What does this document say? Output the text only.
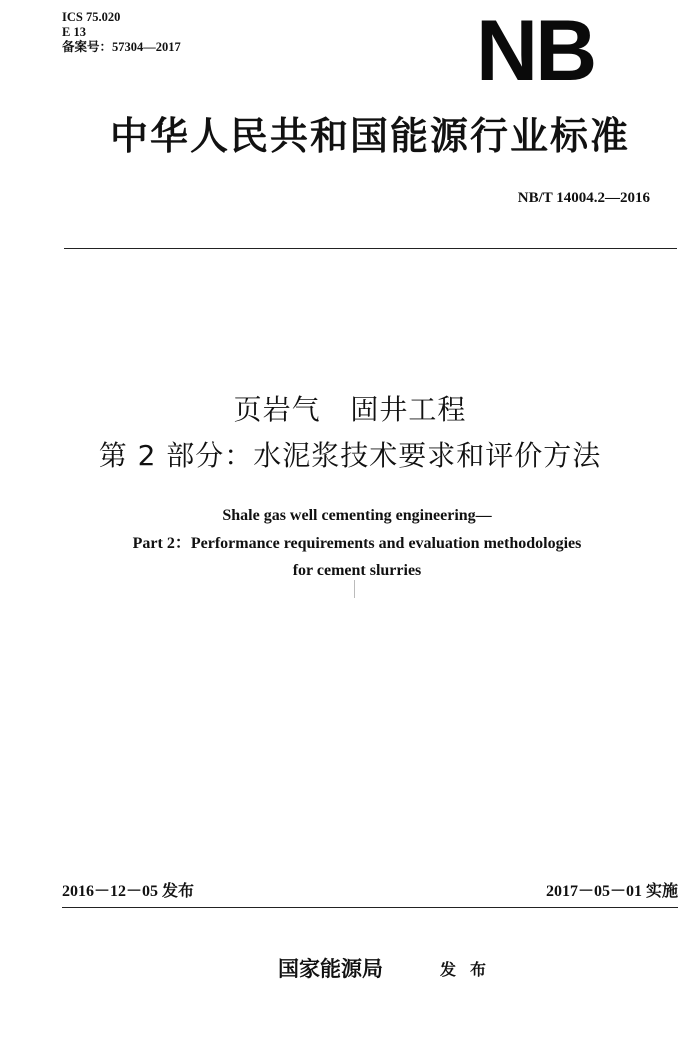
ICS 75.020
E 13
备案号：57304—2017	NB
中华人民共和国能源行业标准
NB/T 14004.2—2016
页岩气   固井工程
第 2 部分：水泥浆技术要求和评价方法
Shale gas well cementing engineering—
Part 2：Performance requirements and evaluation methodologies
for cement slurries
2016－12－05 发布	2017－05－01 实施
国家能源局	发布
